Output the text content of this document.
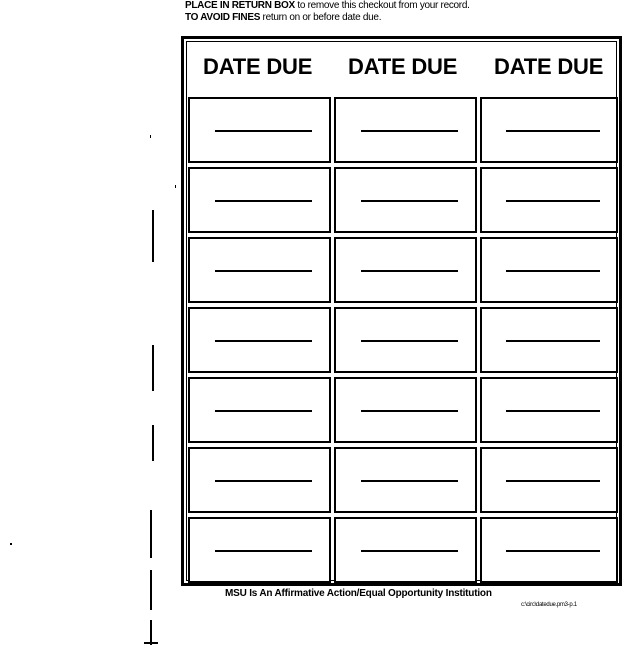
PLACE IN RETURN BOX to remove this checkout from your record.
TO AVOID FINES return on or before date due.
DATE DUE DATE DUE DATE DUE
MSU Is An Affirmative Action/Equal Opportunity Institution
c:\circ\datedue.pm3-p.1
